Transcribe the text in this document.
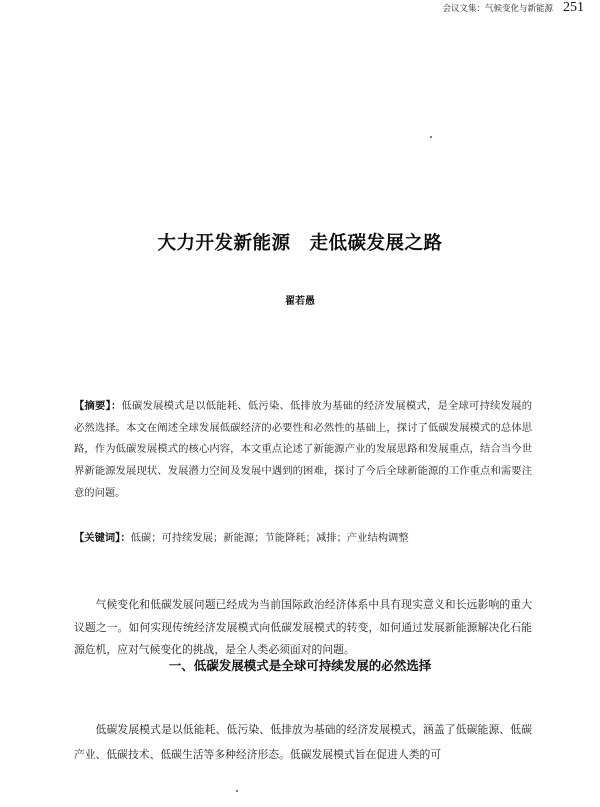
会议文集：气候变化与新能源 251
大力开发新能源　走低碳发展之路
翟若愚
【摘要】：低碳发展模式是以低能耗、低污染、低排放为基础的经济发展模式，是全球可持续发展的必然选择。本文在阐述全球发展低碳经济的必要性和必然性的基础上，探讨了低碳发展模式的总体思路，作为低碳发展模式的核心内容，本文重点论述了新能源产业的发展思路和发展重点，结合当今世界新能源发展现状、发展潜力空间及发展中遇到的困难，探讨了今后全球新能源的工作重点和需要注意的问题。
【关键词】：低碳；可持续发展；新能源；节能降耗；减排；产业结构调整
气候变化和低碳发展问题已经成为当前国际政治经济体系中具有现实意义和长远影响的重大议题之一。如何实现传统经济发展模式向低碳发展模式的转变，如何通过发展新能源解决化石能源危机，应对气候变化的挑战，是全人类必须面对的问题。
一、低碳发展模式是全球可持续发展的必然选择
低碳发展模式是以低能耗、低污染、低排放为基础的经济发展模式，涵盖了低碳能源、低碳产业、低碳技术、低碳生活等多种经济形态。低碳发展模式旨在促进人类的可
